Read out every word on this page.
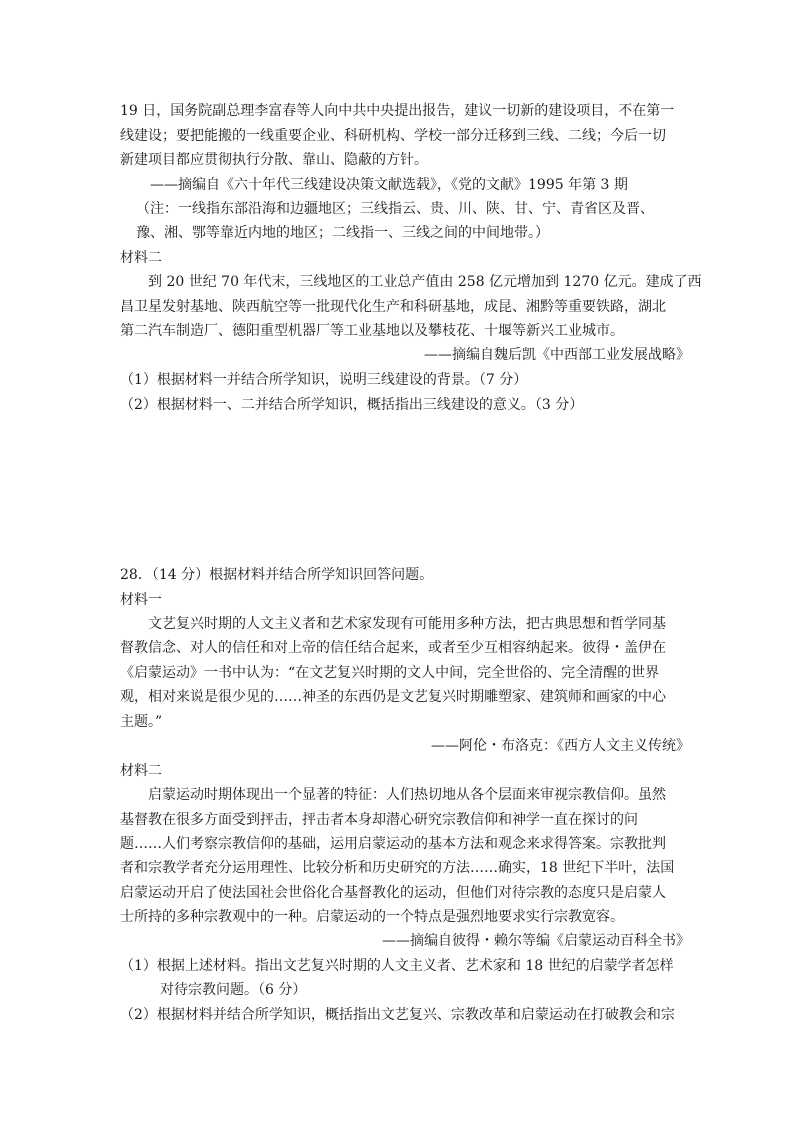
19 日，国务院副总理李富春等人向中共中央提出报告，建议一切新的建设项目，不在第一
线建设；要把能搬的一线重要企业、科研机构、学校一部分迁移到三线、二线；今后一切
新建项目都应贯彻执行分散、靠山、隐蔽的方针。
——摘编自《六十年代三线建设决策文献选载》，《党的文献》1995 年第 3 期
（注：一线指东部沿海和边疆地区；三线指云、贵、川、陕、甘、宁、青省区及晋、
豫、湘、鄂等靠近内地的地区；二线指一、三线之间的中间地带。）
材料二
到 20 世纪 70 年代末，三线地区的工业总产值由 258 亿元增加到 1270 亿元。建成了西
昌卫星发射基地、陕西航空等一批现代化生产和科研基地，成昆、湘黔等重要铁路，湖北
第二汽车制造厂、德阳重型机器厂等工业基地以及攀枝花、十堰等新兴工业城市。
——摘编自魏后凯《中西部工业发展战略》
（1）根据材料一并结合所学知识，说明三线建设的背景。（7 分）
（2）根据材料一、二并结合所学知识，概括指出三线建设的意义。（3 分）
28．（14 分）根据材料并结合所学知识回答问题。
材料一
文艺复兴时期的人文主义者和艺术家发现有可能用多种方法，把古典思想和哲学同基
督教信念、对人的信任和对上帝的信任结合起来，或者至少互相容纳起来。彼得・盖伊在
《启蒙运动》一书中认为：“在文艺复兴时期的文人中间，完全世俗的、完全清醒的世界
观，相对来说是很少见的……神圣的东西仍是文艺复兴时期雕塑家、建筑师和画家的中心
主题。”
——阿伦・布洛克：《西方人文主义传统》
材料二
启蒙运动时期体现出一个显著的特征：人们热切地从各个层面来审视宗教信仰。虽然
基督教在很多方面受到抨击，抨击者本身却潜心研究宗教信仰和神学一直在探讨的问
题……人们考察宗教信仰的基础，运用启蒙运动的基本方法和观念来求得答案。宗教批判
者和宗教学者充分运用理性、比较分析和历史研究的方法……确实，18 世纪下半叶，法国
启蒙运动开启了使法国社会世俗化合基督教化的运动，但他们对待宗教的态度只是启蒙人
士所持的多种宗教观中的一种。启蒙运动的一个特点是强烈地要求实行宗教宽容。
——摘编自彼得・赖尔等编《启蒙运动百科全书》
（1）根据上述材料。指出文艺复兴时期的人文主义者、艺术家和 18 世纪的启蒙学者怎样
对待宗教问题。（6 分）
（2）根据材料并结合所学知识，概括指出文艺复兴、宗教改革和启蒙运动在打破教会和宗
